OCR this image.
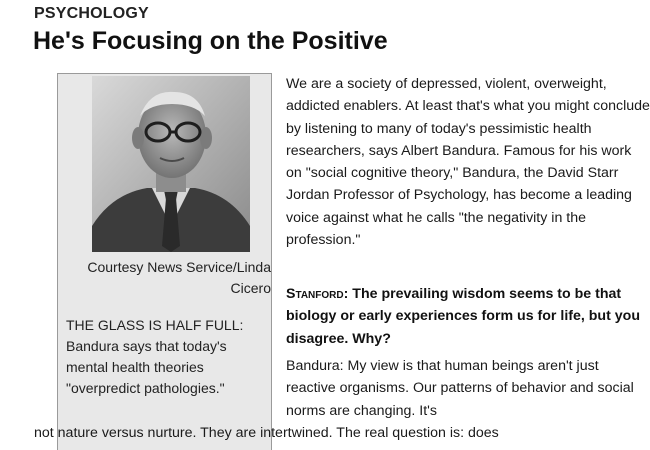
PSYCHOLOGY
He's Focusing on the Positive
Courtesy News Service/Linda Cicero
THE GLASS IS HALF FULL: Bandura says that today's mental health theories "overpredict pathologies."
We are a society of depressed, violent, overweight, addicted enablers. At least that's what you might conclude by listening to many of today's pessimistic health researchers, says Albert Bandura. Famous for his work on "social cognitive theory," Bandura, the David Starr Jordan Professor of Psychology, has become a leading voice against what he calls "the negativity in the profession."
Stanford: The prevailing wisdom seems to be that biology or early experiences form us for life, but you disagree. Why?
Bandura: My view is that human beings aren't just reactive organisms. Our patterns of behavior and social norms are changing. It's
not nature versus nurture. They are intertwined. The real question is: does
